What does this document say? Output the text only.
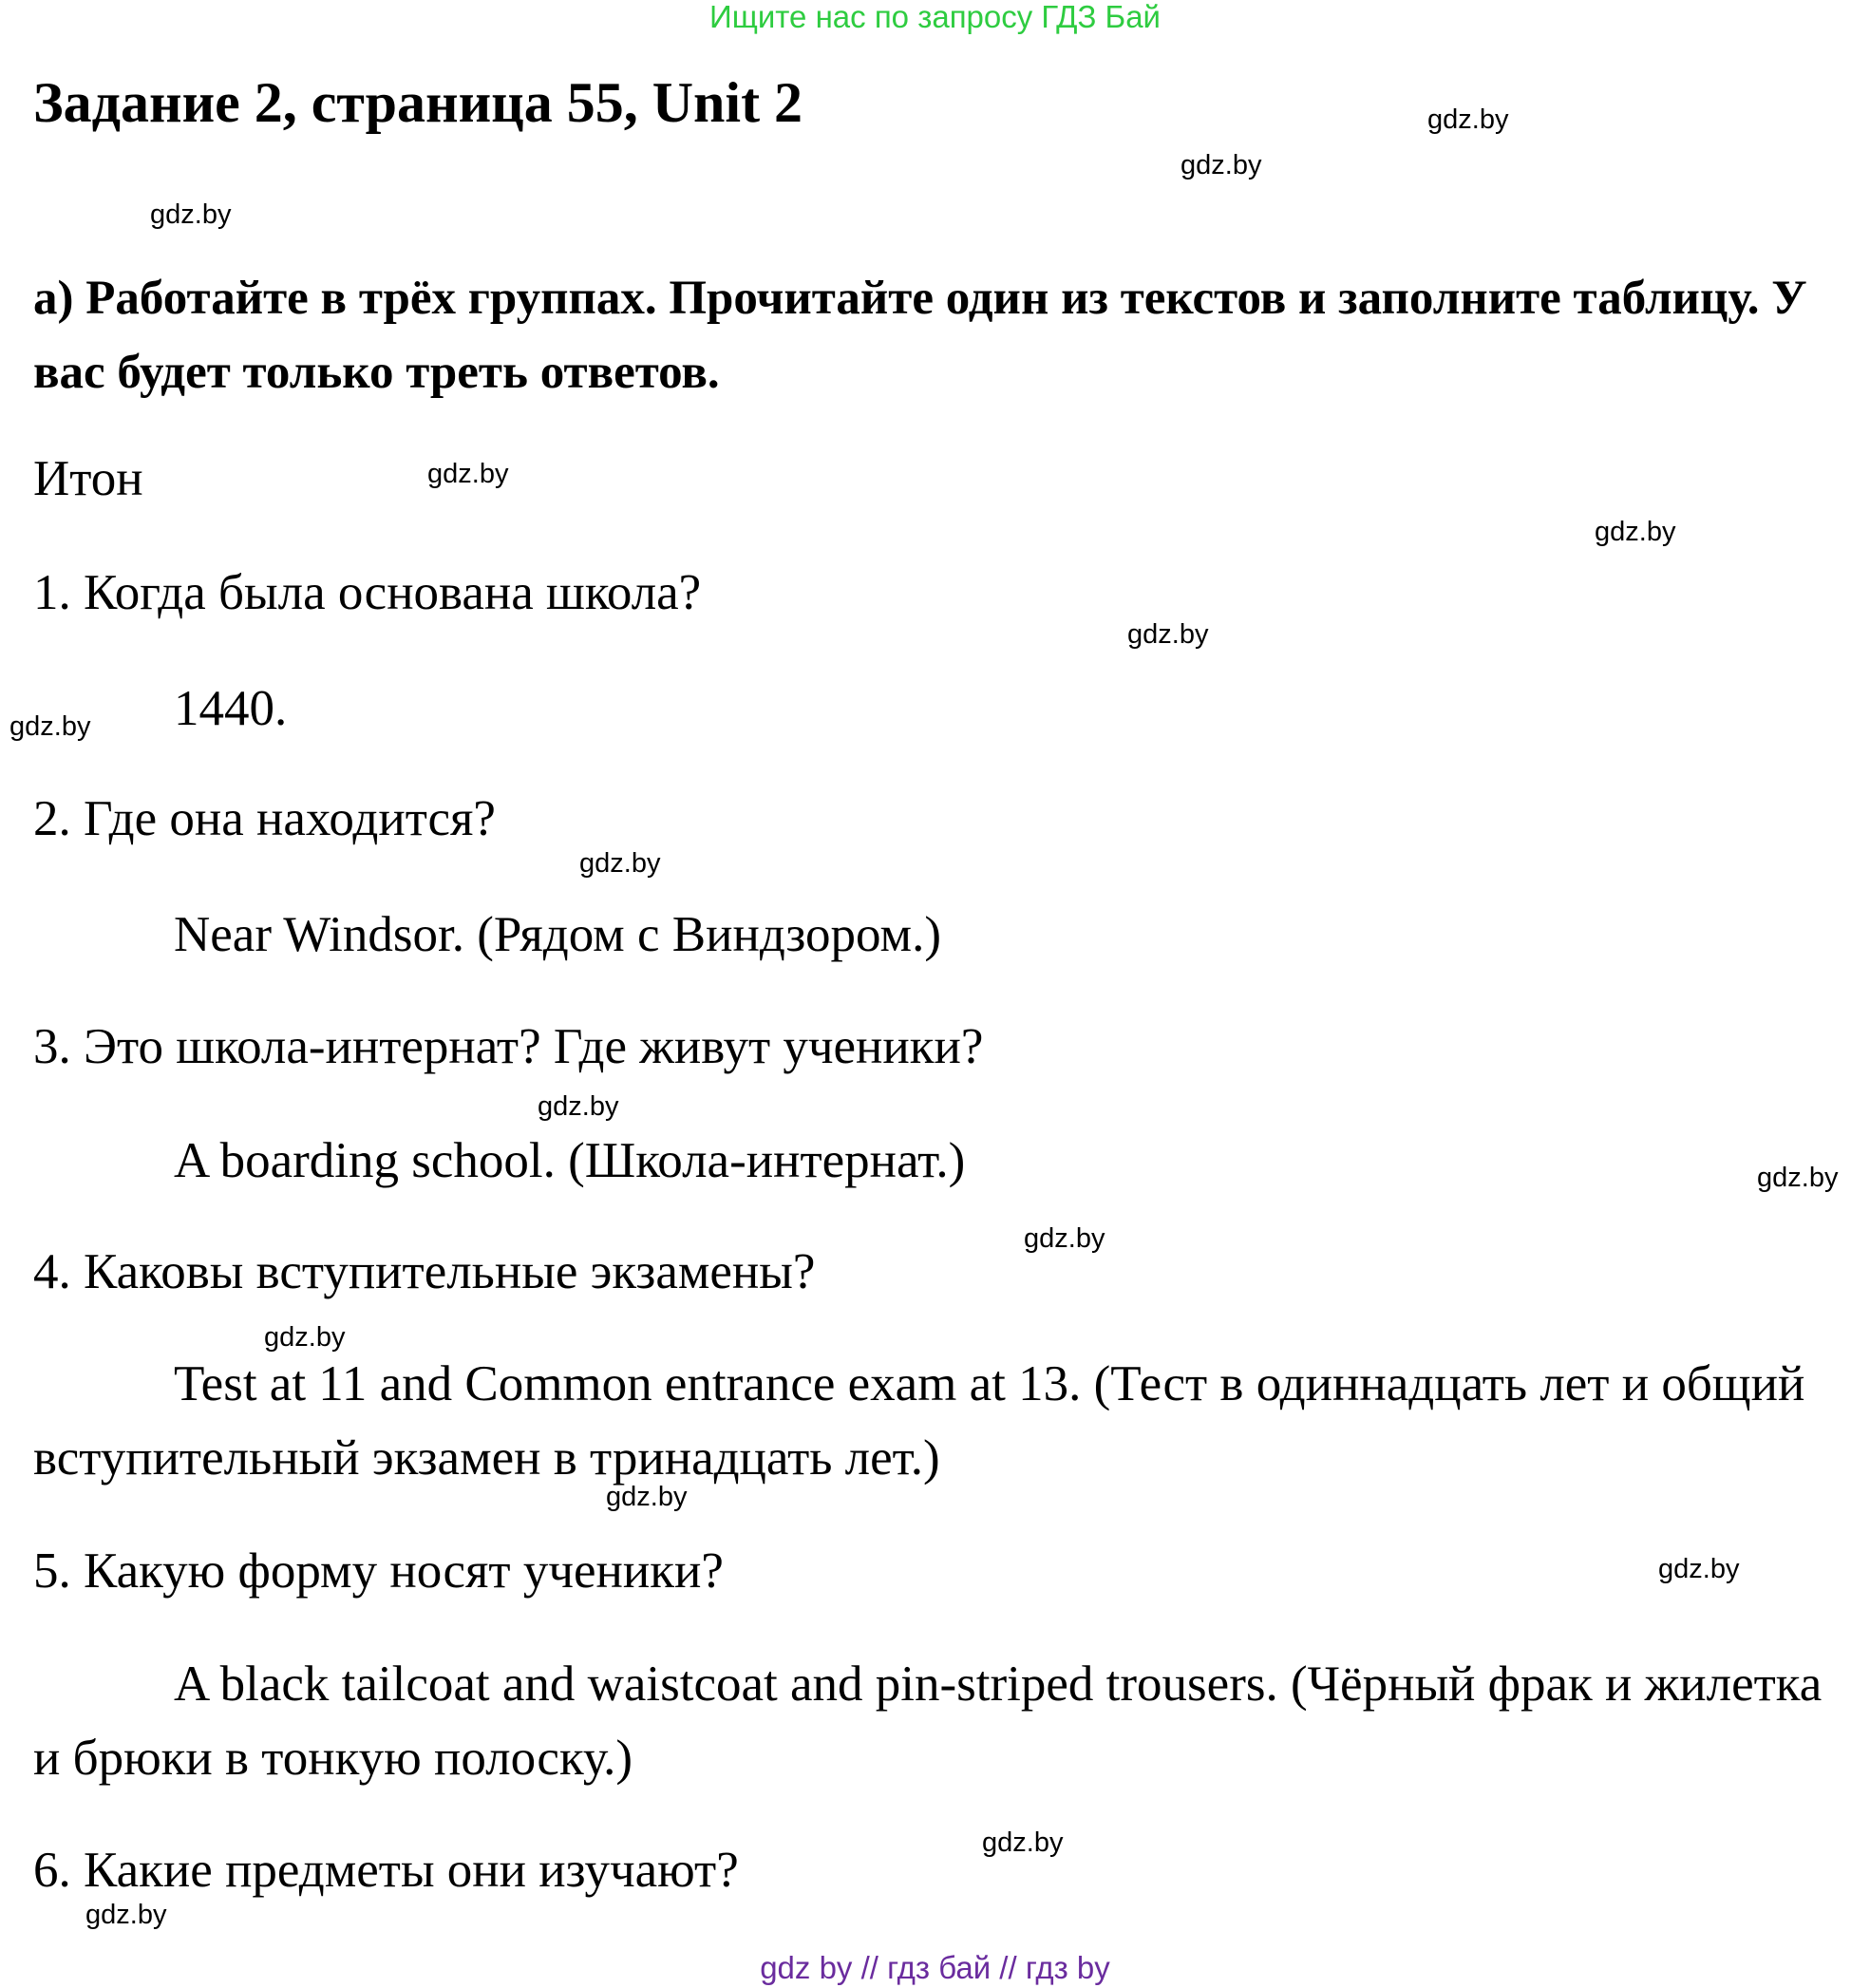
Ищите нас по запросу ГДЗ Бай
Задание 2, страница 55, Unit 2
а) Работайте в трёх группах. Прочитайте один из текстов и заполните таблицу. У вас будет только треть ответов.
Итон
1. Когда была основана школа?
1440.
2. Где она находится?
Near Windsor. (Рядом с Виндзором.)
3. Это школа-интернат? Где живут ученики?
A boarding school. (Школа-интернат.)
4. Каковы вступительные экзамены?
Test at 11 and Common entrance exam at 13. (Тест в одиннадцать лет и общий вступительный экзамен в тринадцать лет.)
5. Какую форму носят ученики?
A black tailcoat and waistcoat and pin-striped trousers. (Чёрный фрак и жилетка и брюки в тонкую полоску.)
6. Какие предметы они изучают?
gdz.by
gdz.by
gdz.by
gdz.by
gdz.by
gdz.by
gdz.by
gdz.by
gdz.by
gdz.by
gdz.by
gdz.by
gdz.by
gdz.by
gdz.by
gdz.by
gdz by // гдз бай // гдз by
